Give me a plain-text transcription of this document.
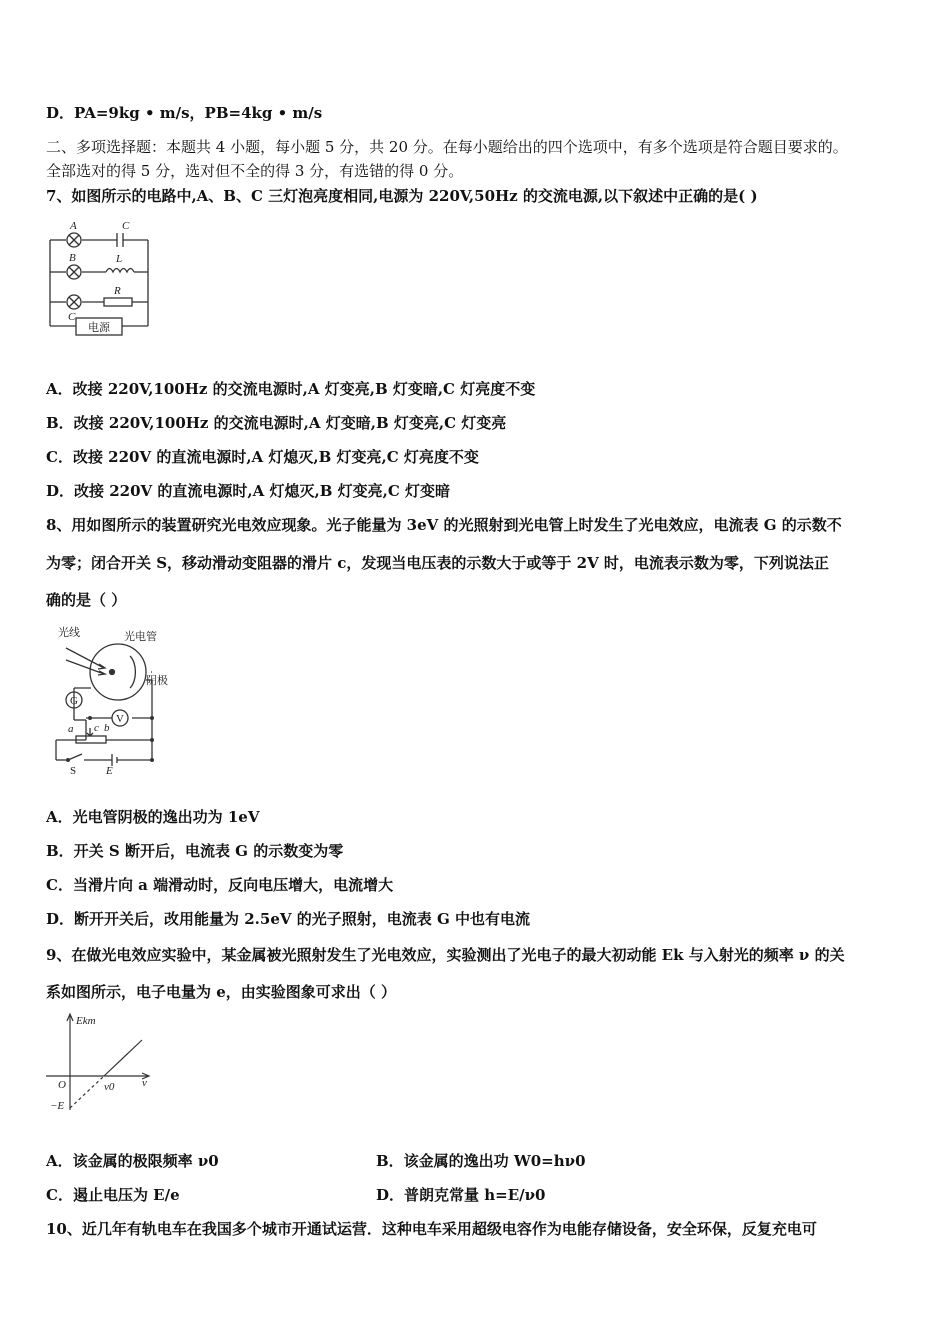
D．PA=9kg • m/s，PB=4kg • m/s
二、多项选择题：本题共 4 小题，每小题 5 分，共 20 分。在每小题给出的四个选项中，有多个选项是符合题目要求的。
全部选对的得 5 分，选对但不全的得 3 分，有选错的得 0 分。
7、如图所示的电路中,A、B、C 三灯泡亮度相同,电源为 220V,50Hz 的交流电源,以下叙述中正确的是( )
A	C
B	L
R
C
电源
A．改接 220V,100Hz 的交流电源时,A 灯变亮,B 灯变暗,C 灯亮度不变
B．改接 220V,100Hz 的交流电源时,A 灯变暗,B 灯变亮,C 灯变亮
C．改接 220V 的直流电源时,A 灯熄灭,B 灯变亮,C 灯亮度不变
D．改接 220V 的直流电源时,A 灯熄灭,B 灯变亮,C 灯变暗
8、用如图所示的装置研究光电效应现象。光子能量为 3eV 的光照射到光电管上时发生了光电效应，电流表 G 的示数不
为零；闭合开关 S，移动滑动变阻器的滑片 c，发现当电压表的示数大于或等于 2V 时，电流表示数为零，下列说法正
确的是（ ）
光线	光电管
阴极
G
V
a c b
S	E
A．光电管阴极的逸出功为 1eV
B．开关 S 断开后，电流表 G 的示数变为零
C．当滑片向 a 端滑动时，反向电压增大，电流增大
D．断开开关后，改用能量为 2.5eV 的光子照射，电流表 G 中也有电流
9、在做光电效应实验中，某金属被光照射发生了光电效应，实验测出了光电子的最大初动能 Ek 与入射光的频率 ν 的关
系如图所示，电子电量为 e，由实验图象可求出（ ）
Ekm
ν
O	ν0
−E
A．该金属的极限频率 ν0	B．该金属的逸出功 W0=hν0
C．遏止电压为 E/e	D．普朗克常量 h=E/ν0
10、近几年有轨电车在我国多个城市开通试运营．这种电车采用超级电容作为电能存储设备，安全环保，反复充电可
